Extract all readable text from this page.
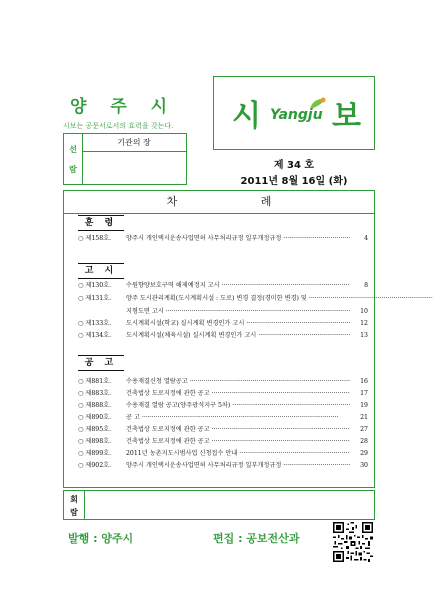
양 주 시
시보는 공문서로서의 효력을 갖는다.
선
람
기관의 장
시 Yangju 보
제 34 호
2011년 8월 16일 (화)
차 례
훈 령
○ 제158호.	양주시 개인택시운송사업면허 사무처리규정 일부개정규정 ·····	4
고 시
○ 제130호.	수원향양보호구역 해제예정지 고시 ·····	8
○ 제131호.	양주 도시관리계획(도시계획시설 : 도로) 변경 결정(경미한 변경) 및 ·····
지형도면 고시 ·····	10
○ 제133호.	도시계획시설(학교) 실시계획 변경인가 고시 ·····	12
○ 제134호.	도시계획시설(체육시설) 실시계획 변경인가 고시 ·····	13
공 고
○ 제881호.	수용재결신청 열람공고 ·····	16
○ 제883호.	건축법상 도로지정에 관한 공고 ·····	17
○ 제888호.	수용재결 열람 공고(양주광석지구 5차) ·····	19
○ 제890호.	공 고 ·····	21
○ 제895호.	건축법상 도로지정에 관한 공고 ·····	27
○ 제898호.	건축법상 도로지정에 관한 공고 ·····	28
○ 제899호.	2011년 농촌지도시범사업 신청접수 안내 ·····	29
○ 제902호.	양주시 개인택시운송사업면허 사무처리규정 일부개정규정 ·····	30
회
람
발행 : 양주시	편집 : 공보전산과
